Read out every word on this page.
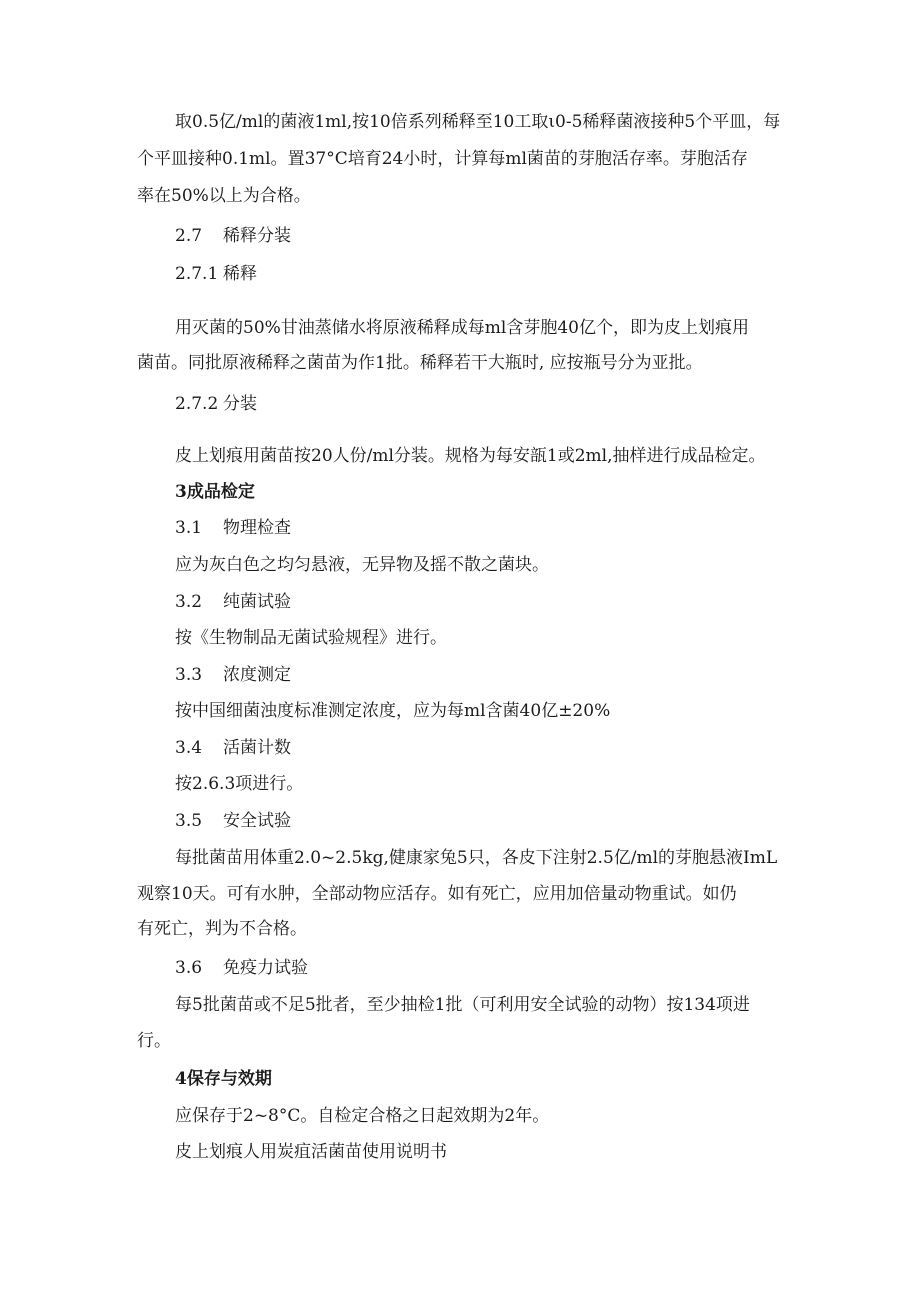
取0.5亿/ml的菌液1ml,按10倍系列稀释至10工取ι0-5稀释菌液接种5个平皿，每
个平皿接种0.1ml。置37°C培育24小时，计算每ml菌苗的芽胞活存率。芽胞活存
率在50%以上为合格。
2.7 稀释分装
2.7.1 稀释
用灭菌的50%甘油蒸储水将原液稀释成每ml含芽胞40亿个，即为皮上划痕用
菌苗。同批原液稀释之菌苗为作1批。稀释若干大瓶时, 应按瓶号分为亚批。
2.7.2 分装
皮上划痕用菌苗按20人份/ml分装。规格为每安瓿1或2ml,抽样进行成品检定。
3成品检定
3.1 物理检查
应为灰白色之均匀悬液，无异物及摇不散之菌块。
3.2 纯菌试验
按《生物制品无菌试验规程》进行。
3.3 浓度测定
按中国细菌浊度标准测定浓度，应为每ml含菌40亿±20%
3.4 活菌计数
按2.6.3项进行。
3.5 安全试验
每批菌苗用体重2.0~2.5kg,健康家兔5只，各皮下注射2.5亿/ml的芽胞悬液ImL
观察10天。可有水肿，全部动物应活存。如有死亡，应用加倍量动物重试。如仍
有死亡，判为不合格。
3.6 免疫力试验
每5批菌苗或不足5批者，至少抽检1批（可利用安全试验的动物）按134项进
行。
4保存与效期
应保存于2~8°C。自检定合格之日起效期为2年。
皮上划痕人用炭疽活菌苗使用说明书
